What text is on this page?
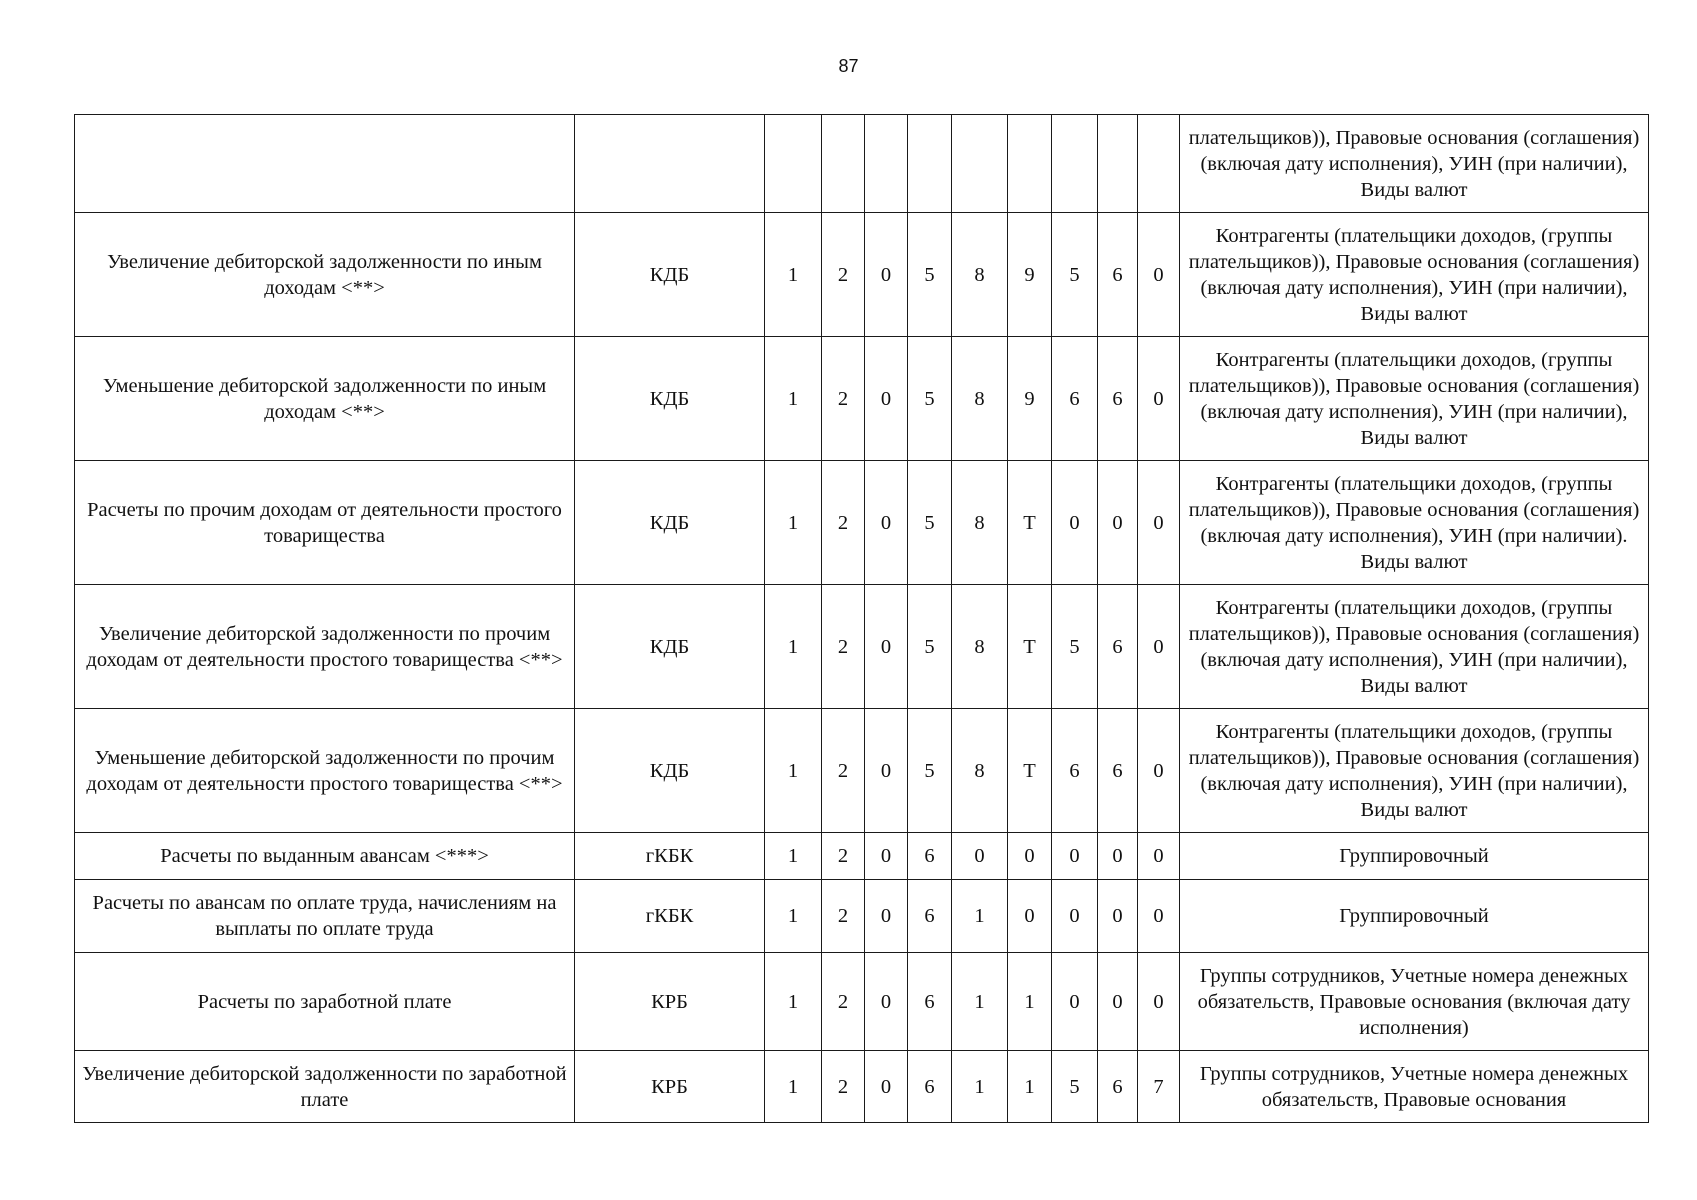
87
											плательщиков)), Правовые основания (соглашения) (включая дату исполнения), УИН (при наличии), Виды валют
Увеличение дебиторской задолженности по иным доходам <**>	КДБ	1	2	0	5	8	9	5	6	0	Контрагенты (плательщики доходов, (группы плательщиков)), Правовые основания (соглашения) (включая дату исполнения), УИН (при наличии), Виды валют
Уменьшение дебиторской задолженности по иным доходам <**>	КДБ	1	2	0	5	8	9	6	6	0	Контрагенты (плательщики доходов, (группы плательщиков)), Правовые основания (соглашения) (включая дату исполнения), УИН (при наличии), Виды валют
Расчеты по прочим доходам от деятельности простого товарищества	КДБ	1	2	0	5	8	Т	0	0	0	Контрагенты (плательщики доходов, (группы плательщиков)), Правовые основания (соглашения) (включая дату исполнения), УИН (при наличии). Виды валют
Увеличение дебиторской задолженности по прочим доходам от деятельности простого товарищества <**>	КДБ	1	2	0	5	8	Т	5	6	0	Контрагенты (плательщики доходов, (группы плательщиков)), Правовые основания (соглашения) (включая дату исполнения), УИН (при наличии), Виды валют
Уменьшение дебиторской задолженности по прочим доходам от деятельности простого товарищества <**>	КДБ	1	2	0	5	8	Т	6	6	0	Контрагенты (плательщики доходов, (группы плательщиков)), Правовые основания (соглашения) (включая дату исполнения), УИН (при наличии), Виды валют
Расчеты по выданным авансам <***>	гКБК	1	2	0	6	0	0	0	0	0	Группировочный
Расчеты по авансам по оплате труда, начислениям на выплаты по оплате труда	гКБК	1	2	0	6	1	0	0	0	0	Группировочный
Расчеты по заработной плате	КРБ	1	2	0	6	1	1	0	0	0	Группы сотрудников, Учетные номера денежных обязательств, Правовые основания (включая дату исполнения)
Увеличение дебиторской задолженности по заработной плате	КРБ	1	2	0	6	1	1	5	6	7	Группы сотрудников, Учетные номера денежных обязательств, Правовые основания
